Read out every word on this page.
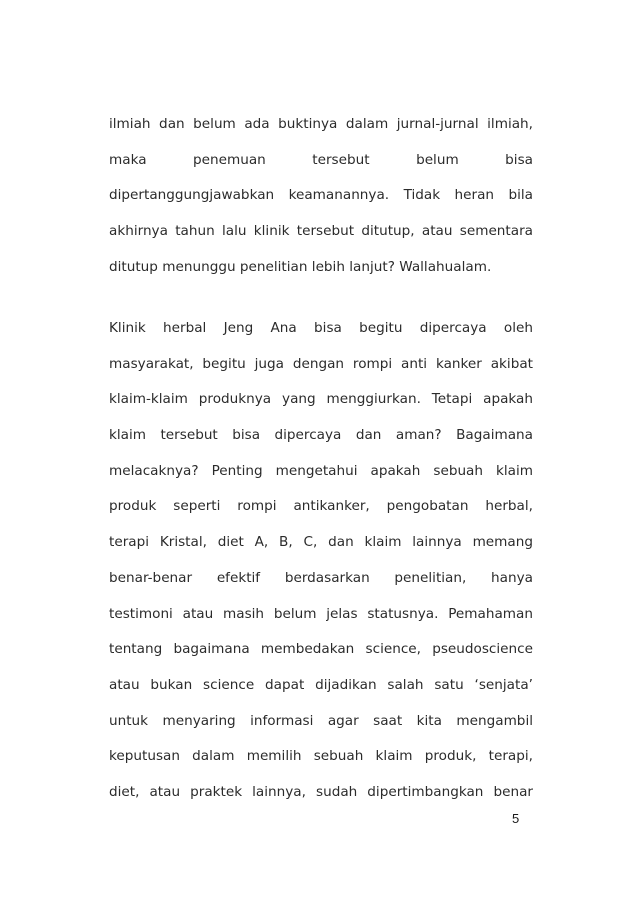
ilmiah dan belum ada buktinya dalam jurnal-jurnal ilmiah,
maka penemuan tersebut belum bisa
dipertanggungjawabkan keamanannya. Tidak heran bila
akhirnya tahun lalu klinik tersebut ditutup, atau sementara
ditutup menunggu penelitian lebih lanjut? Wallahualam.
Klinik herbal Jeng Ana bisa begitu dipercaya oleh
masyarakat, begitu juga dengan rompi anti kanker akibat
klaim-klaim produknya yang menggiurkan. Tetapi apakah
klaim tersebut bisa dipercaya dan aman? Bagaimana
melacaknya? Penting mengetahui apakah sebuah klaim
produk seperti rompi antikanker, pengobatan herbal,
terapi Kristal, diet A, B, C, dan klaim lainnya memang
benar-benar efektif berdasarkan penelitian, hanya
testimoni atau masih belum jelas statusnya. Pemahaman
tentang bagaimana membedakan science, pseudoscience
atau bukan science dapat dijadikan salah satu ‘senjata’
untuk menyaring informasi agar saat kita mengambil
keputusan dalam memilih sebuah klaim produk, terapi,
diet, atau praktek lainnya, sudah dipertimbangkan benar
5
